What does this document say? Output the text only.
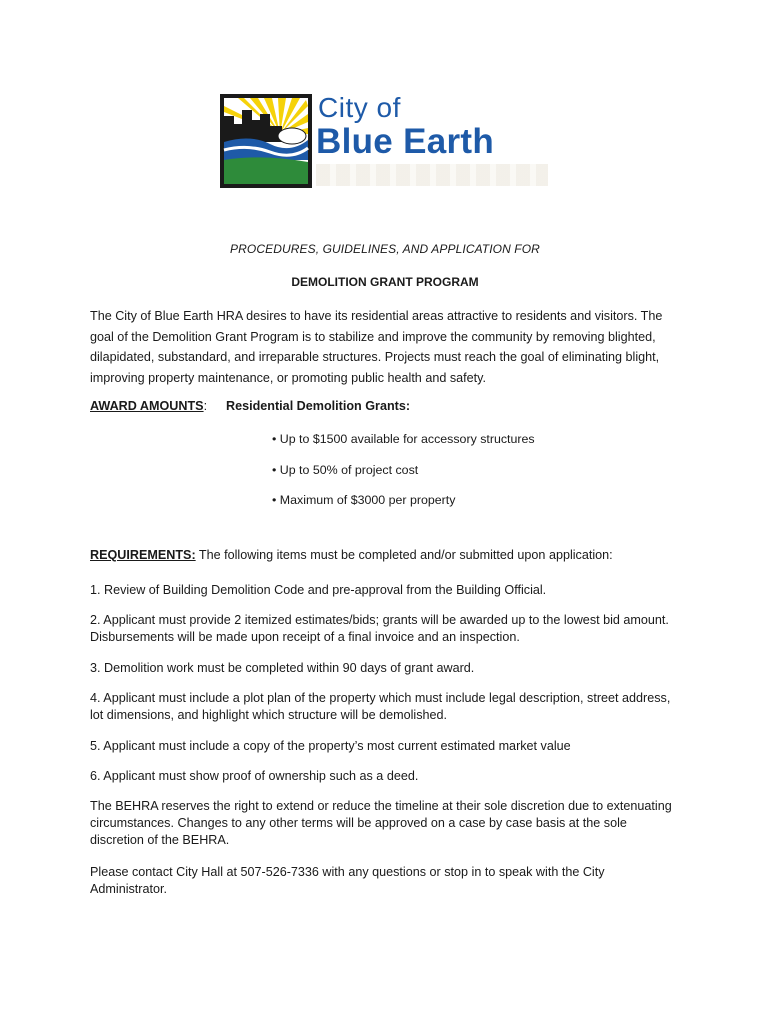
City of
Blue Earth
PROCEDURES, GUIDELINES, AND APPLICATION FOR
DEMOLITION GRANT PROGRAM
The City of Blue Earth HRA desires to have its residential areas attractive to residents and visitors. The goal of the Demolition Grant Program is to stabilize and improve the community by removing blighted, dilapidated, substandard, and irreparable structures. Projects must reach the goal of eliminating blight, improving property maintenance, or promoting public health and safety.
AWARD AMOUNTS: Residential Demolition Grants:
• Up to $1500 available for accessory structures
• Up to 50% of project cost
• Maximum of $3000 per property
REQUIREMENTS: The following items must be completed and/or submitted upon application:
1. Review of Building Demolition Code and pre-approval from the Building Official.
2. Applicant must provide 2 itemized estimates/bids; grants will be awarded up to the lowest bid amount. Disbursements will be made upon receipt of a final invoice and an inspection.
3. Demolition work must be completed within 90 days of grant award.
4. Applicant must include a plot plan of the property which must include legal description, street address, lot dimensions, and highlight which structure will be demolished.
5. Applicant must include a copy of the property’s most current estimated market value
6. Applicant must show proof of ownership such as a deed.
The BEHRA reserves the right to extend or reduce the timeline at their sole discretion due to extenuating circumstances. Changes to any other terms will be approved on a case by case basis at the sole discretion of the BEHRA.
Please contact City Hall at 507-526-7336 with any questions or stop in to speak with the City Administrator.
